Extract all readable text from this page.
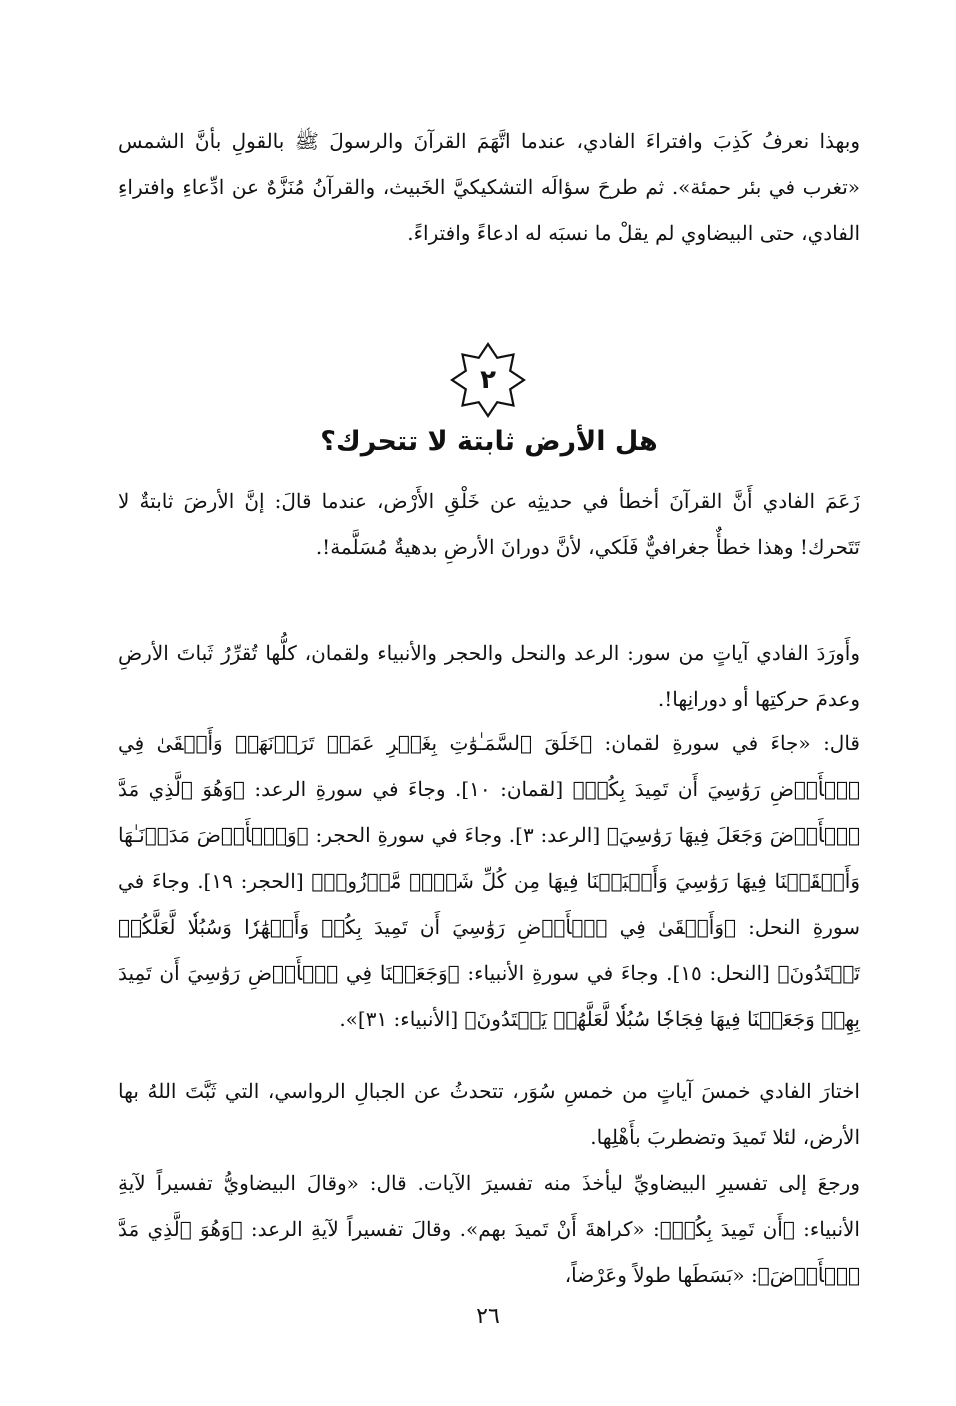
وبهذا نعرفُ كَذِبَ وافتراءَ الفادي، عندما اتَّهَمَ القرآنَ والرسولَ ﷺ بالقولِ بأنَّ الشمس «تغرب في بئر حمئة». ثم طرحَ سؤالَه التشكيكيَّ الخَبيث، والقرآنُ مُنَزَّهٌ عن ادِّعاءِ وافتراءِ الفادي، حتى البيضاوي لم يقلْ ما نسبَه له ادعاءً وافتراءً.

٢
هل الأرض ثابتة لا تتحرك؟

زَعَمَ الفادي أَنَّ القرآنَ أخطأ في حديثِه عن خَلْقِ الأَرْض، عندما قالَ: إنَّ الأرضَ ثابتةٌ لا تَتَحرك! وهذا خطأٌ جغرافيٌّ فَلَكي، لأنَّ دورانَ الأرضِ بدهيةٌ مُسَلَّمة!.

وأَورَدَ الفادي آياتٍ من سور: الرعد والنحل والحجر والأنبياء ولقمان، كلُّها تُقرِّرُ ثَباتَ الأرضِ وعدمَ حركتِها أو دورانِها!.

قال: «جاءَ في سورةِ لقمان: ﴿خَلَقَ ٱلسَّمَـٰوَٰتِ بِغَيۡرِ عَمَدٖ تَرَوۡنَهَاۖ وَأَلۡقَىٰ فِي ٱلۡأَرۡضِ رَوَٰسِيَ أَن تَمِيدَ بِكُمۡ﴾ [لقمان: ١٠]. وجاءَ في سورةِ الرعد: ﴿وَهُوَ ٱلَّذِي مَدَّ ٱلۡأَرۡضَ وَجَعَلَ فِيهَا رَوَٰسِيَ﴾ [الرعد: ٣]. وجاءَ في سورةِ الحجر: ﴿وَٱلۡأَرۡضَ مَدَدۡنَـٰهَا وَأَلۡقَيۡنَا فِيهَا رَوَٰسِيَ وَأَنۢبَتۡنَا فِيهَا مِن كُلِّ شَيۡءٖ مَّوۡزُونٖ﴾ [الحجر: ١٩]. وجاءَ في سورةِ النحل: ﴿وَأَلۡقَىٰ فِي ٱلۡأَرۡضِ رَوَٰسِيَ أَن تَمِيدَ بِكُمۡ وَأَنۡهَٰرٗا وَسُبُلٗا لَّعَلَّكُمۡ تَهۡتَدُونَ﴾ [النحل: ١٥]. وجاءَ في سورةِ الأنبياء: ﴿وَجَعَلۡنَا فِي ٱلۡأَرۡضِ رَوَٰسِيَ أَن تَمِيدَ بِهِمۡ وَجَعَلۡنَا فِيهَا فِجَاجٗا سُبُلٗا لَّعَلَّهُمۡ يَهۡتَدُونَ﴾ [الأنبياء: ٣١]».

اختارَ الفادي خمسَ آياتٍ من خمسِ سُوَر، تتحدثُ عن الجبالِ الرواسي، التي ثَبَّتَ اللهُ بها الأرض، لئلا تَميدَ وتضطربَ بأَهْلِها.

ورجعَ إلى تفسيرِ البيضاويِّ ليأخذَ منه تفسيرَ الآيات. قال: «وقالَ البيضاويُّ تفسيراً لآيةِ الأنبياء: ﴿أَن تَمِيدَ بِكُمۡ﴾: «كراهةَ أَنْ تَميدَ بهم». وقالَ تفسيراً لآيةِ الرعد: ﴿وَهُوَ ٱلَّذِي مَدَّ ٱلۡأَرۡضَ﴾: «بَسَطَها طولاً وعَرْضاً،

٢٦
